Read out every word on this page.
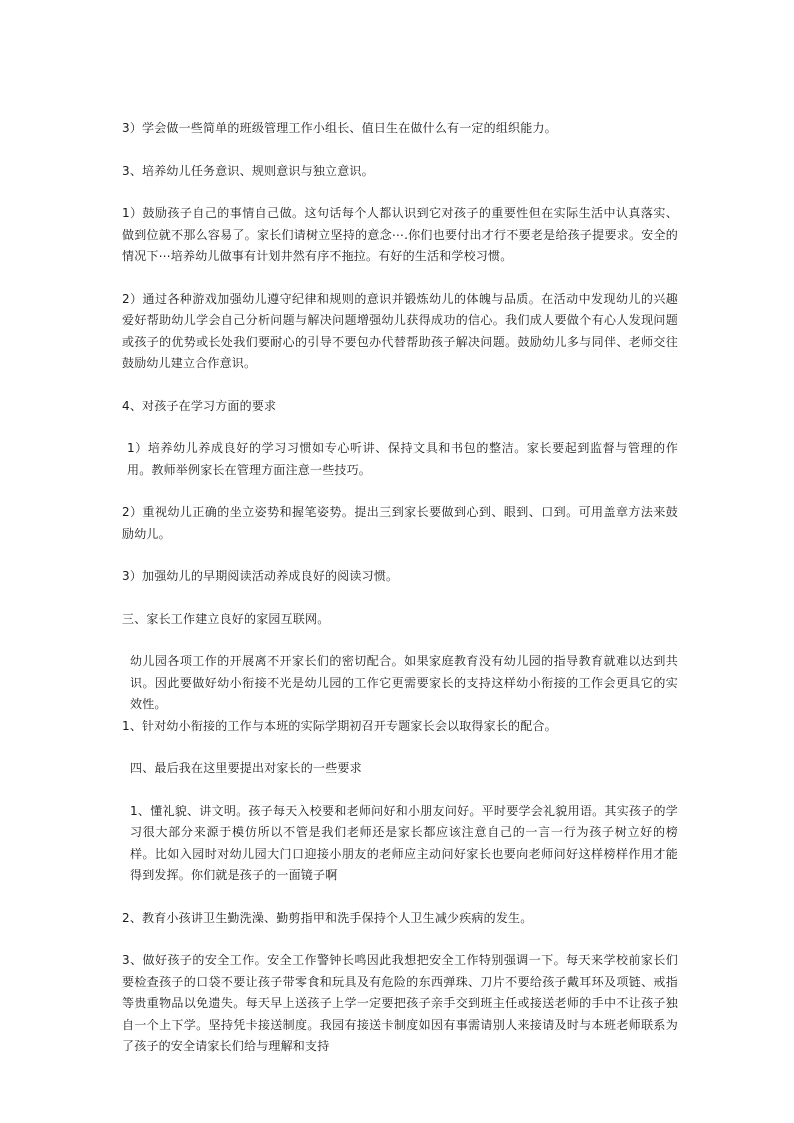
3）学会做一些简单的班级管理工作小组长、值日生在做什么有一定的组织能力。

3、培养幼儿任务意识、规则意识与独立意识。

1）鼓励孩子自己的事情自己做。这句话每个人都认识到它对孩子的重要性但在实际生活中认真落实、做到位就不那么容易了。家长们请树立坚持的意念⋯.你们也要付出才行不要老是给孩子提要求。安全的情况下⋯培养幼儿做事有计划井然有序不拖拉。有好的生活和学校习惯。

2）通过各种游戏加强幼儿遵守纪律和规则的意识并锻炼幼儿的体魄与品质。在活动中发现幼儿的兴趣爱好帮助幼儿学会自己分析问题与解决问题增强幼儿获得成功的信心。我们成人要做个有心人发现问题或孩子的优势或长处我们要耐心的引导不要包办代替帮助孩子解决问题。鼓励幼儿多与同伴、老师交往鼓励幼儿建立合作意识。

4、对孩子在学习方面的要求

1）培养幼儿养成良好的学习习惯如专心听讲、保持文具和书包的整洁。家长要起到监督与管理的作用。教师举例家长在管理方面注意一些技巧。

2）重视幼儿正确的坐立姿势和握笔姿势。提出三到家长要做到心到、眼到、口到。可用盖章方法来鼓励幼儿。

3）加强幼儿的早期阅读活动养成良好的阅读习惯。

三、家长工作建立良好的家园互联网。

幼儿园各项工作的开展离不开家长们的密切配合。如果家庭教育没有幼儿园的指导教育就难以达到共识。因此要做好幼小衔接不光是幼儿园的工作它更需要家长的支持这样幼小衔接的工作会更具它的实效性。

1、针对幼小衔接的工作与本班的实际学期初召开专题家长会以取得家长的配合。

四、最后我在这里要提出对家长的一些要求

1、懂礼貌、讲文明。孩子每天入校要和老师问好和小朋友问好。平时要学会礼貌用语。其实孩子的学习很大部分来源于模仿所以不管是我们老师还是家长都应该注意自己的一言一行为孩子树立好的榜样。比如入园时对幼儿园大门口迎接小朋友的老师应主动问好家长也要向老师问好这样榜样作用才能得到发挥。你们就是孩子的一面镜子啊

2、教育小孩讲卫生勤洗澡、勤剪指甲和洗手保持个人卫生减少疾病的发生。

3、做好孩子的安全工作。安全工作警钟长鸣因此我想把安全工作特别强调一下。每天来学校前家长们要检查孩子的口袋不要让孩子带零食和玩具及有危险的东西弹珠、刀片不要给孩子戴耳环及项链、戒指等贵重物品以免遗失。每天早上送孩子上学一定要把孩子亲手交到班主任或接送老师的手中不让孩子独自一个上下学。坚持凭卡接送制度。我园有接送卡制度如因有事需请别人来接请及时与本班老师联系为了孩子的安全请家长们给与理解和支持
